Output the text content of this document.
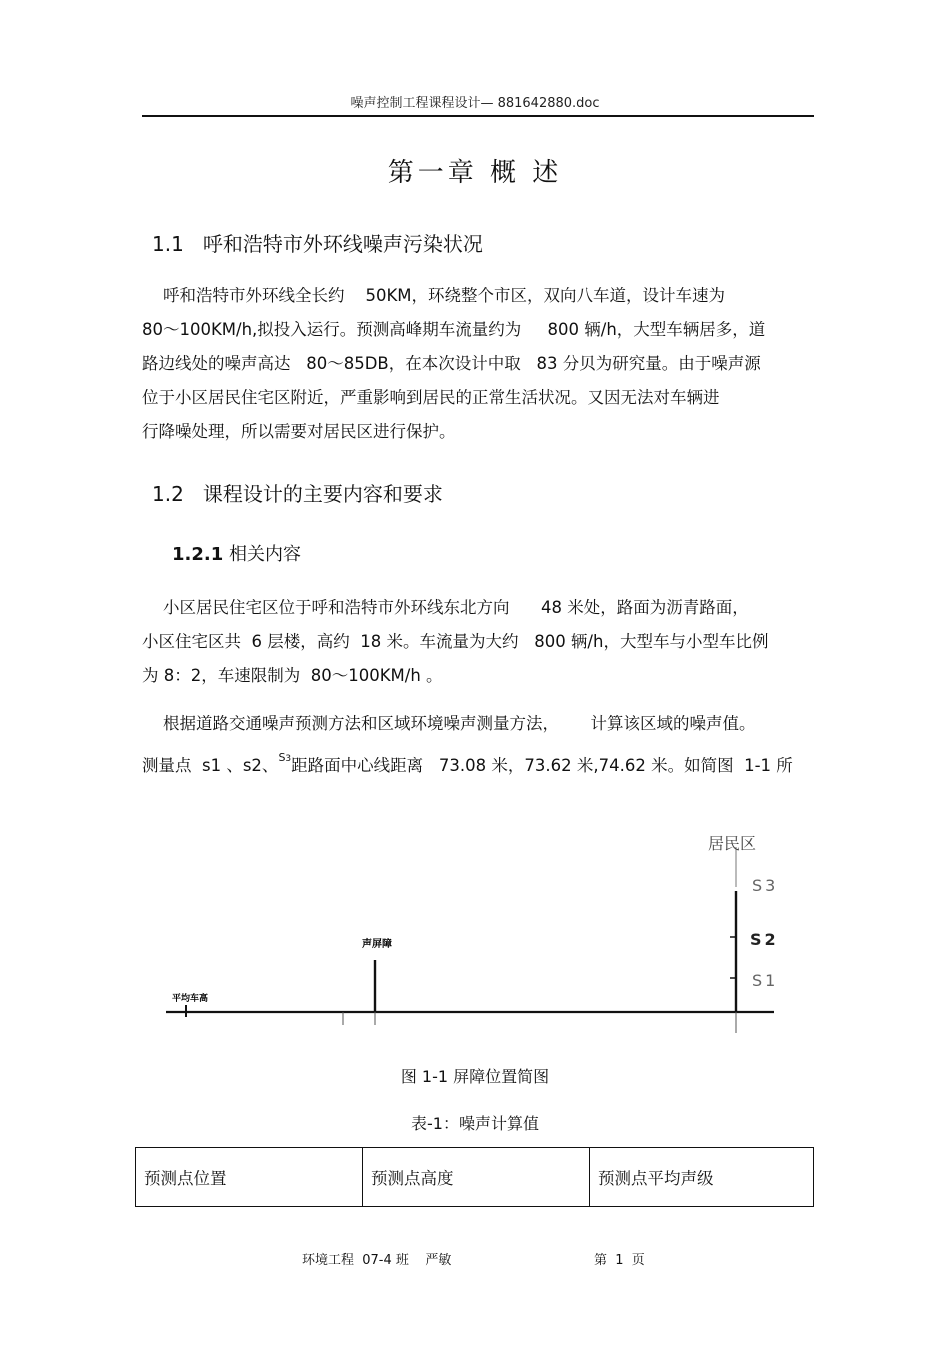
噪声控制工程课程设计— 881642880.doc
第一章 概 述
1.1 呼和浩特市外环线噪声污染状况
呼和浩特市外环线全长约    50KM，环绕整个市区，双向八车道，设计车速为
80～100KM/h,拟投入运行。预测高峰期车流量约为     800 辆/h，大型车辆居多，道
路边线处的噪声高达   80～85DB，在本次设计中取   83 分贝为研究量。由于噪声源
位于小区居民住宅区附近，严重影响到居民的正常生活状况。又因无法对车辆进
行降噪处理，所以需要对居民区进行保护。
1.2 课程设计的主要内容和要求
1.2.1 相关内容
小区居民住宅区位于呼和浩特市外环线东北方向      48 米处，路面为沥青路面，
小区住宅区共  6 层楼，高约  18 米。车流量为大约   800 辆/h，大型车与小型车比例
为 8：2，车速限制为  80～100KM/h 。
根据道路交通噪声预测方法和区域环境噪声测量方法，      计算该区域的噪声值。
测量点  s1 、s2、$^{S3}$距路面中心线距离   73.08 米，73.62 米,74.62 米。如简图  1-1 所
平均车高
声屏障
居民区
S3
S2
S1
图 1-1 屏障位置简图
表-1：噪声计算值
预测点位置	预测点高度	预测点平均声级
环境工程  07-4 班    严敏	第  1  页
